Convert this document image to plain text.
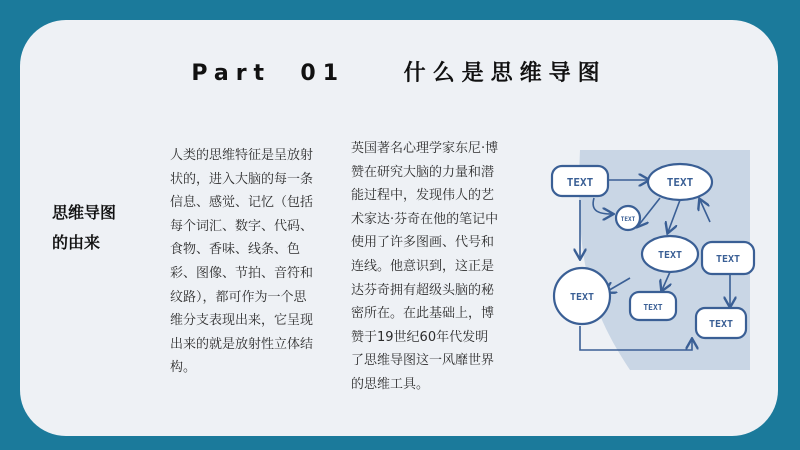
Part  01    什么是思维导图
思维导图
的由来
人类的思维特征是呈放射状的，进入大脑的每一条信息、感觉、记忆（包括每个词汇、数字、代码、食物、香味、线条、色彩、图像、节拍、音符和纹路），都可作为一个思维分支表现出来，它呈现出来的就是放射性立体结构。
英国著名心理学家东尼·博赞在研究大脑的力量和潜能过程中，发现伟人的艺术家达·芬奇在他的笔记中使用了许多图画、代号和连线。他意识到，这正是达芬奇拥有超级头脑的秘密所在。在此基础上，博赞于19世纪60年代发明了思维导图这一风靡世界的思维工具。
TEXT	TEXT
TEXT
TEXT	TEXT
TEXT
TEXT
TEXT
